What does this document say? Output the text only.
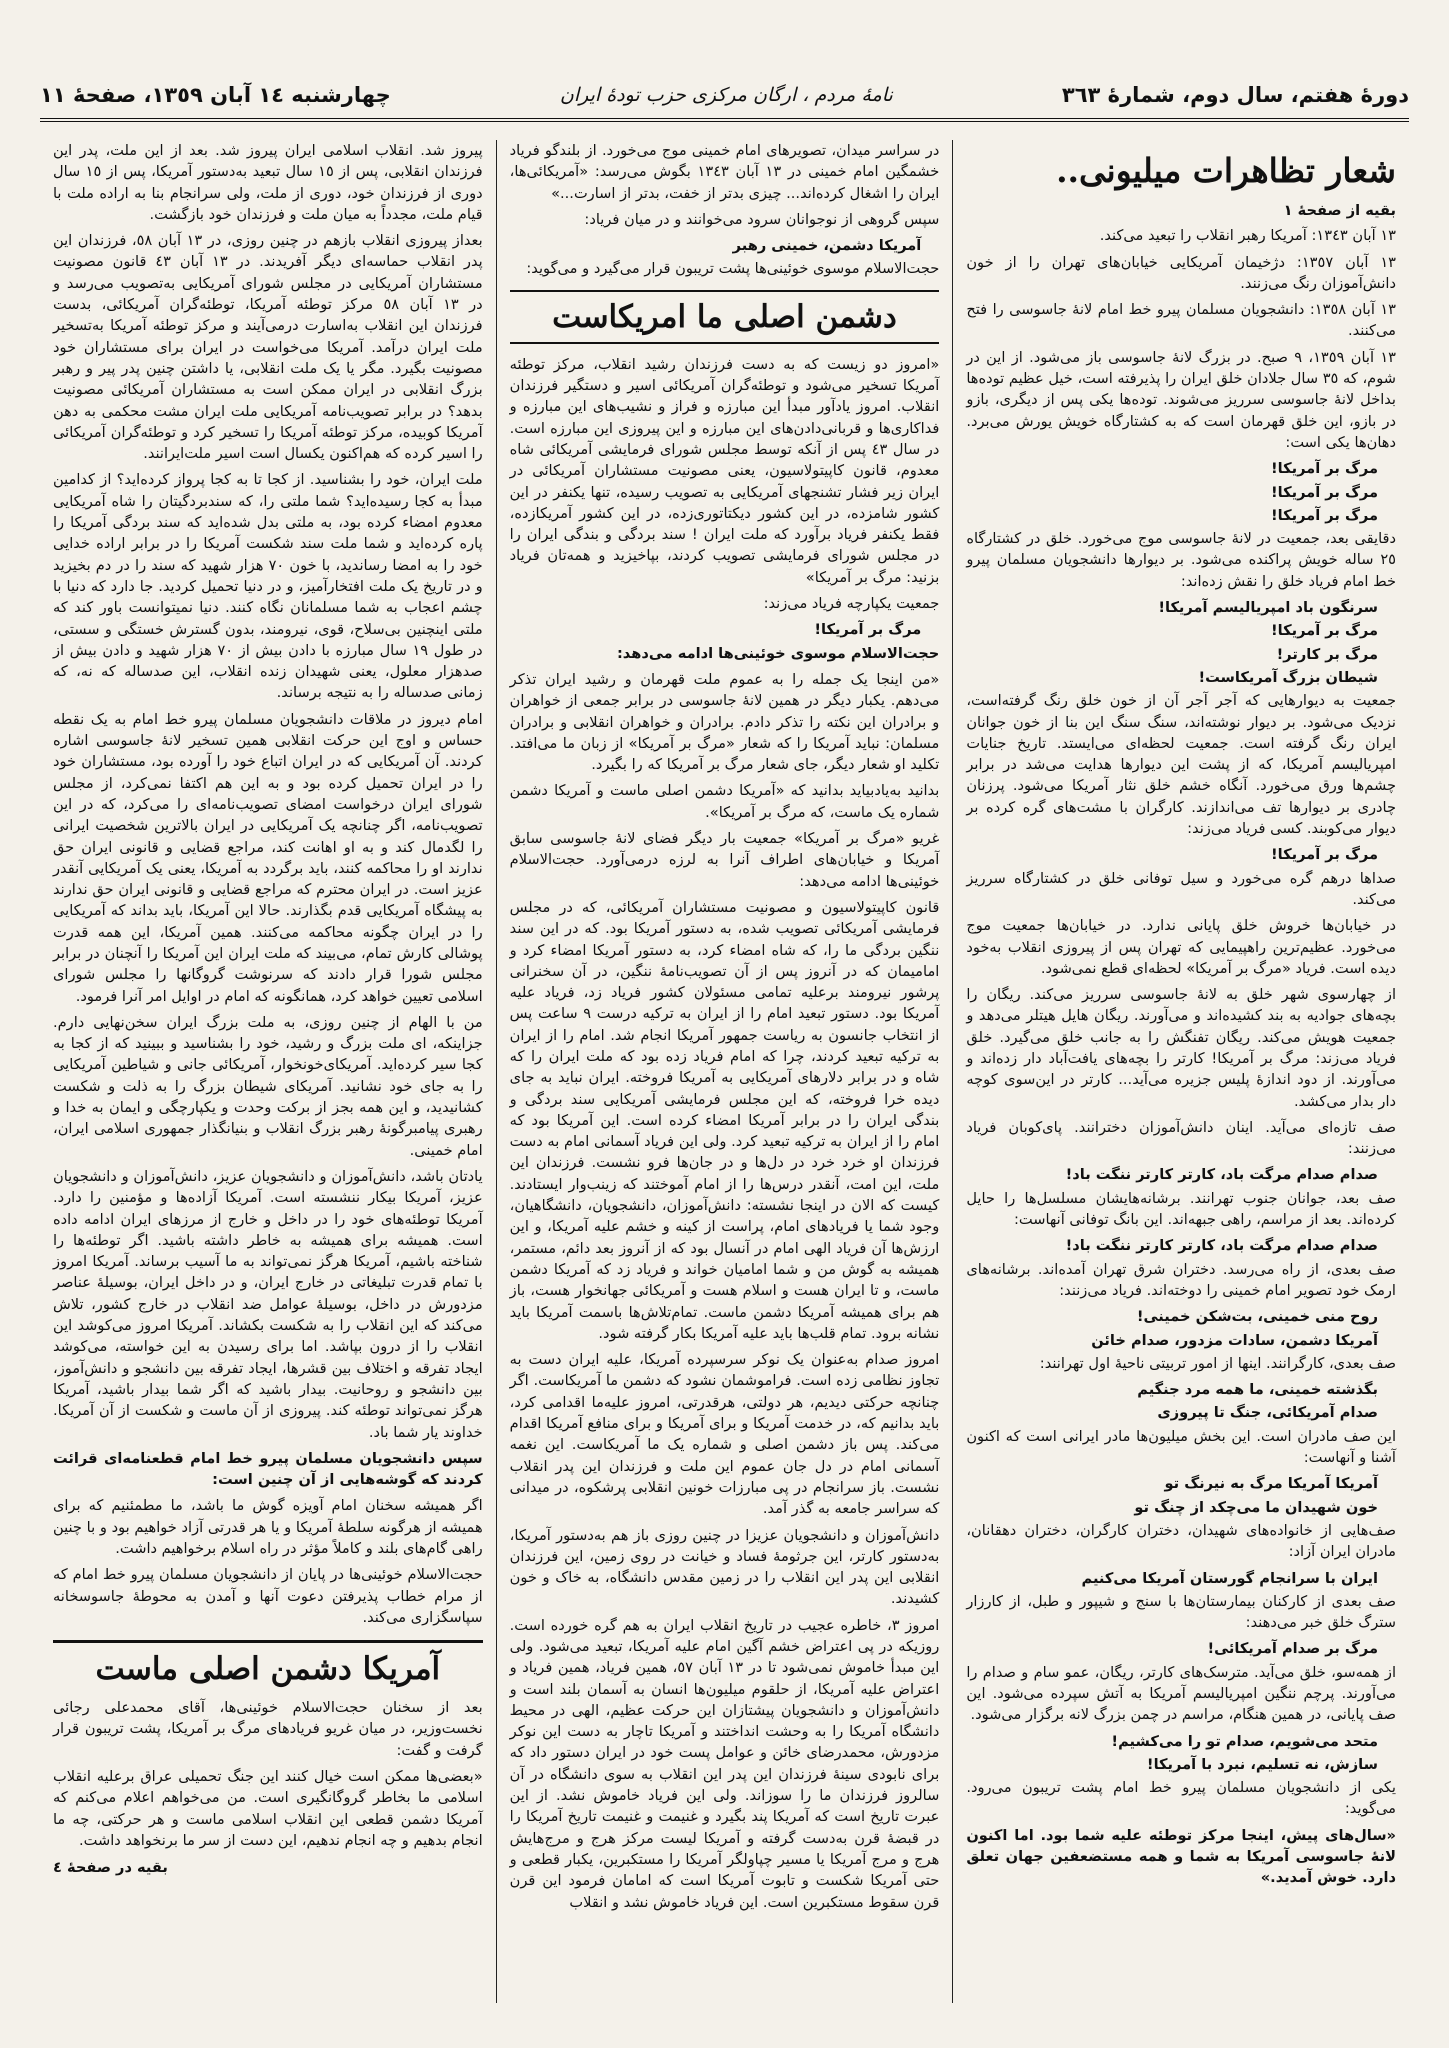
دورهٔ هفتم، سال دوم، شمارهٔ ٣٦٣
نامهٔ مردم ، ارگان مرکزی حزب تودهٔ ایران
چهارشنبه ١٤ آبان ١٣٥٩، صفحهٔ ١١
شعار تظاهرات میلیونی..
بقیه از صفحهٔ ١

١٣ آبان ١٣٤٣: آمریکا رهبر انقلاب را تبعید می‌کند.

١٣ آبان ١٣٥٧: دژخیمان آمریکایی خیابان‌های تهران را از خون دانش‌آموزان رنگ می‌زنند.

١٣ آبان ١٣٥٨: دانشجویان مسلمان پیرو خط امام لانهٔ جاسوسی را فتح می‌کنند.

١٣ آبان ١٣٥٩، ٩ صبح. در بزرگ لانهٔ جاسوسی باز می‌شود. از این در شوم، که ٣٥ سال جلادان خلق ایران را پذیرفته است، خیل عظیم توده‌ها بداخل لانهٔ جاسوسی سرریز می‌شوند. توده‌ها یکی پس از دیگری، بازو در بازو، این خلق قهرمان است که به کشتارگاه خویش یورش می‌برد. دهان‌ها یکی است:

مرگ بر آمریکا!
مرگ بر آمریکا!
مرگ بر آمریکا!

دقایقی بعد، جمعیت در لانهٔ جاسوسی موج می‌خورد. خلق در کشتارگاه ٢٥ ساله خویش پراکنده می‌شود. بر دیوارها دانشجویان مسلمان پیرو خط امام فریاد خلق را نقش زده‌اند:

سرنگون باد امپریالیسم آمریکا!
مرگ بر آمریکا!
مرگ بر کارتر!
شیطان بزرگ آمریکاست!

جمعیت به دیوارهایی که آجر آجر آن از خون خلق رنگ گرفته‌است، نزدیک می‌شود. بر دیوار نوشته‌اند، سنگ سنگ این بنا از خون جوانان ایران رنگ گرفته است. جمعیت لحظه‌ای می‌ایستد. تاریخ جنایات امپریالیسم آمریکا، که از پشت این دیوارها هدایت می‌شد در برابر چشم‌ها ورق می‌خورد. آنگاه خشم خلق نثار آمریکا می‌شود. پرزنان چادری بر دیوارها تف می‌اندازند. کارگران با مشت‌های گره کرده بر دیوار می‌کوبند. کسی فریاد می‌زند:

مرگ بر آمریکا!

صداها درهم گره می‌خورد و سیل توفانی خلق در کشتارگاه سرریز می‌کند.

در خیابان‌ها خروش خلق پایانی ندارد. در خیابان‌ها جمعیت موج می‌خورد. عظیم‌ترین راهپیمایی که تهران پس از پیروزی انقلاب به‌خود دیده است. فریاد «مرگ بر آمریکا» لحظه‌ای قطع نمی‌شود.

از چهارسوی شهر خلق به لانهٔ جاسوسی سرریز می‌کند. ریگان را بچه‌های جوادیه به بند کشیده‌اند و می‌آورند. ریگان هایل هیتلر می‌دهد و جمعیت هویش می‌کند. ریگان تفنگش را به جانب خلق می‌گیرد. خلق فریاد می‌زند: مرگ بر آمریکا! کارتر را بچه‌های یافت‌آباد دار زده‌اند و می‌آورند. از دود اندازهٔ پلیس جزیره می‌آید... کارتر در این‌سوی کوچه دار بدار می‌کشد.

صف تازه‌ای می‌آید. اینان دانش‌آموزان دخترانند. پای‌کوبان فریاد می‌زنند:

صدام صدام مرگت باد، کارتر کارتر ننگت باد!

صف بعد، جوانان جنوب تهرانند. برشانه‌هایشان مسلسل‌ها را حایل کرده‌اند. بعد از مراسم، راهی جبهه‌اند. این بانگ توفانی آنهاست:

صدام صدام مرگت باد، کارتر کارتر ننگت باد!

صف بعدی، از راه می‌رسد. دختران شرق تهران آمده‌اند. برشانه‌های ارمک خود تصویر امام خمینی را دوخته‌اند. فریاد می‌زنند:

روح منی خمینی، بت‌شکن خمینی!
آمریکا دشمن، سادات مزدور، صدام خائن

صف بعدی، کارگرانند. اینها از امور تربیتی ناحیهٔ اول تهرانند:

بگذشته خمینی، ما همه مرد جنگیم
صدام آمریکائی، جنگ تا پیروزی

این صف مادران است. این بخش میلیون‌ها مادر ایرانی است که اکنون آشنا و آنهاست:

آمریکا آمریکا مرگ به نیرنگ تو
خون شهیدان ما می‌چکد از چنگ تو

صف‌هایی از خانواده‌های شهیدان، دختران کارگران، دختران دهقانان، مادران ایران آزاد:

ایران با سرانجام گورستان آمریکا می‌کنیم

صف بعدی از کارکنان بیمارستان‌ها با سنج و شیپور و طبل، از کارزار سترگ خلق خبر می‌دهند:

مرگ بر صدام آمریکائی!

از همه‌سو، خلق می‌آید. مترسک‌های کارتر، ریگان، عمو سام و صدام را می‌آورند. پرچم ننگین امپریالیسم آمریکا به آتش سپرده می‌شود. این صف پایانی، در همین هنگام، مراسم در چمن بزرگ لانه برگزار می‌شود.

متحد می‌شویم، صدام تو را می‌کشیم!
سازش، نه تسلیم، نبرد با آمریکا!

یکی از دانشجویان مسلمان پیرو خط امام پشت تریبون می‌رود. می‌گوید:

«سال‌های پیش، اینجا مرکز توطئه علیه شما بود. اما اکنون لانهٔ جاسوسی آمریکا به شما و همه مستضعفین جهان تعلق دارد. خوش آمدید.»

در سراسر میدان، تصویرهای امام خمینی موج می‌خورد. از بلندگو فریاد خشمگین امام خمینی در ١٣ آبان ١٣٤٣ بگوش می‌رسد: «آمریکائی‌ها، ایران را اشغال کرده‌اند... چیزی بدتر از خفت، بدتر از اسارت...»

سپس گروهی از نوجوانان سرود می‌خوانند و در میان فریاد:

آمریکا دشمن، خمینی رهبر

حجت‌الاسلام موسوی خوئینی‌ها پشت تریبون قرار می‌گیرد و می‌گوید:

دشمن اصلی ما امریکاست

«امروز دو زیست که به دست فرزندان رشید انقلاب، مرکز توطئه آمریکا تسخیر می‌شود و توطئه‌گران آمریکائی اسیر و دستگیر فرزندان انقلاب. امروز یادآور مبدأ این مبارزه و فراز و نشیب‌های این مبارزه و فداکاری‌ها و قربانی‌دادن‌های این مبارزه و این پیروزی این مبارزه است. در سال ٤٣ پس از آنکه توسط مجلس شورای فرمایشی آمریکائی شاه معدوم، قانون کاپیتولاسیون، یعنی مصونیت مستشاران آمریکائی در ایران زیر فشار تشنجهای آمریکایی به تصویب رسیده، تنها یکنفر در این کشور شامزده، در این کشور دیکتاتوری‌زده، در این کشور آمریکازده، فقط یکنفر فریاد برآورد که ملت ایران ! سند بردگی و بندگی ایران را در مجلس شورای فرمایشی تصویب کردند، بپاخیزید و همه‌تان فریاد بزنید: مرگ بر آمریکا»

جمعیت یکپارچه فریاد می‌زند:

مرگ بر آمریکا!

حجت‌الاسلام موسوی خوئینی‌ها ادامه می‌دهد:

«من اینجا یک جمله را به عموم ملت قهرمان و رشید ایران تذکر می‌دهم. یکبار دیگر در همین لانهٔ جاسوسی در برابر جمعی از خواهران و برادران این نکته را تذکر دادم. برادران و خواهران انقلابی و برادران مسلمان: نباید آمریکا را که شعار «مرگ بر آمریکا» از زبان ما می‌افتد. تکلید او شعار دیگر، جای شعار مرگ بر آمریکا که را بگیرد.

بدانید به‌یادبیاید بدانید که «آمریکا دشمن اصلی ماست و آمریکا دشمن شماره یک ماست، که مرگ بر آمریکا».

غریو «مرگ بر آمریکا» جمعیت بار دیگر فضای لانهٔ جاسوسی سابق آمریکا و خیابان‌های اطراف آنرا به لرزه درمی‌آورد. حجت‌الاسلام خوئینی‌ها ادامه می‌دهد:

قانون کاپیتولاسیون و مصونیت مستشاران آمریکائی، که در مجلس فرمایشی آمریکائی تصویب شده، به دستور آمریکا بود. که در این سند ننگین بردگی ما را، که شاه امضاء کرد، به دستور آمریکا امضاء کرد و امامیمان که در آنروز پس از آن تصویب‌نامهٔ ننگین، در آن سخنرانی پرشور نیرومند برعلیه تمامی مسئولان کشور فریاد زد، فریاد علیه آمریکا بود. دستور تبعید امام را از ایران به ترکیه درست ٩ ساعت پس از انتخاب جانسون به ریاست جمهور آمریکا انجام شد. امام را از ایران به ترکیه تبعید کردند، چرا که امام فریاد زده بود که ملت ایران را که شاه و در برابر دلارهای آمریکایی به آمریکا فروخته. ایران نباید به جای دیده خرا فروخته، که این مجلس فرمایشی آمریکایی سند بردگی و بندگی ایران را در برابر آمریکا امضاء کرده است. این آمریکا بود که امام را از ایران به ترکیه تبعید کرد. ولی این فریاد آسمانی امام به دست فرزندان او خرد خرد در دل‌ها و در جان‌ها فرو نشست. فرزندان این ملت، این امت، آنقدر درس‌ها را از امام آموختند که زینب‌وار ایستادند. کیست که الان در اینجا نشسته: دانش‌آموزان، دانشجویان، دانشگاهیان، وجود شما یا فریادهای امام، پراست از کینه و خشم علیه آمریکا، و این ارزش‌ها آن فریاد الهی امام در آنسال بود که از آنروز بعد دائم، مستمر، همیشه به گوش من و شما امامیان خواند و فریاد زد که آمریکا دشمن ماست، و تا ایران هست و اسلام هست و آمریکائی جهانخوار هست، باز هم برای همیشه آمریکا دشمن ماست. تمام‌تلاش‌ها باسمت آمریکا باید نشانه برود. تمام قلب‌ها باید علیه آمریکا بکار گرفته شود.

امروز صدام به‌عنوان یک نوکر سرسپرده آمریکا، علیه ایران دست به تجاوز نظامی زده است. فراموشمان نشود که دشمن ما آمریکاست. اگر چنانچه حرکتی دیدیم، هر دولتی، هرقدرتی، امروز علیه‌ما اقدامی کرد، باید بدانیم که، در خدمت آمریکا و برای آمریکا و برای منافع آمریکا اقدام می‌کند. پس باز دشمن اصلی و شماره یک ما آمریکاست. این نغمه آسمانی امام در دل جان عموم این ملت و فرزندان این پدر انقلاب نشست. باز سرانجام در پی مبارزات خونین انقلابی پرشکوه، در میدانی که سراسر جامعه به گذر آمد.

دانش‌آموزان و دانشجویان عزیزا در چنین روزی باز هم به‌دستور آمریکا، به‌دستور کارتر، این جرثومهٔ فساد و خیانت در روی زمین، این فرزندان انقلابی این پدر این انقلاب را در زمین مقدس دانشگاه، به خاک و خون کشیدند.

امروز ٣، خاطره عجیب در تاریخ انقلاب ایران به هم گره خورده است. روزیکه در پی اعتراض خشم آگین امام علیه آمریکا، تبعید می‌شود. ولی این مبدأ خاموش نمی‌شود تا در ١٣ آبان ٥٧، همین فریاد، همین فریاد و اعتراض علیه آمریکا، از حلقوم میلیون‌ها انسان به آسمان بلند است و دانش‌آموزان و دانشجویان پیشتازان این حرکت عظیم، الهی در محیط دانشگاه آمریکا را به وحشت انداختند و آمریکا تاچار به دست این نوکر مزدورش، محمدرضای خائن و عوامل پست خود در ایران دستور داد که برای نابودی سینهٔ فرزندان این پدر این انقلاب به سوی دانشگاه در آن سالروز فرزندان ما را سوزاند. ولی این فریاد خاموش نشد. از این عبرت تاریخ است که آمریکا پند بگیرد و غنیمت و غنیمت تاریخ آمریکا را در قبضهٔ قرن به‌دست گرفته و آمریکا لیست مرکز هرج و مرج‌هایش هرج و مرج آمریکا یا مسیر چپاولگر آمریکا را مستکبرین، یکبار قطعی و حتی آمریکا شکست و تابوت آمریکا است که امامان فرمود این قرن قرن سقوط مستکبرین است. این فریاد خاموش نشد و انقلاب

پیروز شد. انقلاب اسلامی ایران پیروز شد. بعد از این ملت، پدر این فرزندان انقلابی، پس از ١٥ سال تبعید به‌دستور آمریکا، پس از ١٥ سال دوری از فرزندان خود، دوری از ملت، ولی سرانجام بنا به اراده ملت با قیام ملت، مجدداً به میان ملت و فرزندان خود بازگشت.

بعداز پیروزی انقلاب بازهم در چنین روزی، در ١٣ آبان ٥٨، فرزندان این پدر انقلاب حماسه‌ای دیگر آفریدند. در ١٣ آبان ٤٣ قانون مصونیت مستشاران آمریکایی در مجلس شورای آمریکایی به‌تصویب می‌رسد و در ١٣ آبان ٥٨ مرکز توطئه آمریکا، توطئه‌گران آمریکائی، بدست فرزندان این انقلاب به‌اسارت درمی‌آیند و مرکز توطئه آمریکا به‌تسخیر ملت ایران درآمد. آمریکا می‌خواست در ایران برای مستشاران خود مصونیت بگیرد. مگر یا یک ملت انقلابی، یا داشتن چنین پدر پیر و رهبر بزرگ انقلابی در ایران ممکن است به مستشاران آمریکائی مصونیت بدهد؟ در برابر تصویب‌نامه آمریکایی ملت ایران مشت محکمی به دهن آمریکا کوبیده، مرکز توطئه آمریکا را تسخیر کرد و توطئه‌گران آمریکائی را اسیر کرده که هم‌اکنون یکسال است اسیر ملت‌ایرانند.

ملت ایران، خود را بشناسید. از کجا تا به کجا پرواز کرده‌اید؟ از کدامین مبدأ به کجا رسیده‌اید؟ شما ملتی را، که سندبردگیتان را شاه آمریکایی معدوم امضاء کرده بود، به ملتی بدل شده‌اید که سند بردگی آمریکا را پاره کرده‌اید و شما ملت سند شکست آمریکا را در برابر اراده خدایی خود را به امضا رساندید، با خون ٧٠ هزار شهید که سند را در دم بخیزید و در تاریخ یک ملت افتخارآمیز، و در دنیا تحمیل کردید. جا دارد که دنیا با چشم اعجاب به شما مسلمانان نگاه کنند. دنیا نمیتوانست باور کند که ملتی اینچنین بی‌سلاح، قوی، نیرومند، بدون گسترش خستگی و سستی، در طول ١٩ سال مبارزه با دادن بیش از ٧٠ هزار شهید و دادن بیش از صدهزار معلول، یعنی شهیدان زنده انقلاب، این صدساله که نه، که زمانی صدساله را به نتیجه برساند.

امام دیروز در ملاقات دانشجویان مسلمان پیرو خط امام به یک نقطه حساس و اوج این حرکت انقلابی همین تسخیر لانهٔ جاسوسی اشاره کردند. آن آمریکایی که در ایران اتباع خود را آورده بود، مستشاران خود را در ایران تحمیل کرده بود و به این هم اکتفا نمی‌کرد، از مجلس شورای ایران درخواست امضای تصویب‌نامه‌ای را می‌کرد، که در این تصویب‌نامه، اگر چنانچه یک آمریکایی در ایران بالاترین شخصیت ایرانی را لگدمال کند و به او اهانت کند، مراجع قضایی و قانونی ایران حق ندارند او را محاکمه کنند، باید برگردد به آمریکا، یعنی یک آمریکایی آنقدر عزیز است. در ایران محترم که مراجع قضایی و قانونی ایران حق ندارند به پیشگاه آمریکایی قدم بگذارند. حالا این آمریکا، باید بداند که آمریکایی را در ایران چگونه محاکمه می‌کنند. همین آمریکا، این همه قدرت پوشالی کارش تمام، می‌بیند که ملت ایران این آمریکا را آنچنان در برابر مجلس شورا قرار دادند که سرنوشت گروگانها را مجلس شورای اسلامی تعیین خواهد کرد، همانگونه که امام در اوایل امر آنرا فرمود.

من با الهام از چنین روزی، به ملت بزرگ ایران سخن‌نهایی دارم. جزاینکه، ای ملت بزرگ و رشید، خود را بشناسید و ببینید که از کجا به کجا سیر کرده‌اید. آمریکای‌خونخوار، آمریکائی جانی و شیاطین آمریکایی را به جای خود نشانید. آمریکای شیطان بزرگ را به ذلت و شکست کشانیدید، و این همه بجز از برکت وحدت و یکپارچگی و ایمان به خدا و رهبری پیامبرگونهٔ رهبر بزرگ انقلاب و بنیانگذار جمهوری اسلامی ایران، امام خمینی.

یادتان باشد، دانش‌آموزان و دانشجویان عزیز، دانش‌آموزان و دانشجویان عزیز، آمریکا بیکار ننشسته است. آمریکا آزاده‌ها و مؤمنین را دارد. آمریکا توطئه‌های خود را در داخل و خارج از مرزهای ایران ادامه داده است. همیشه برای همیشه به خاطر داشته باشید. اگر توطئه‌ها را شناخته باشیم، آمریکا هرگز نمی‌تواند به ما آسیب برساند. آمریکا امروز با تمام قدرت تبلیغاتی در خارج ایران، و در داخل ایران، بوسیلهٔ عناصر مزدورش در داخل، بوسیلهٔ عوامل ضد انقلاب در خارج کشور، تلاش می‌کند که این انقلاب را به شکست بکشاند. آمریکا امروز می‌کوشد این انقلاب را از درون بپاشد. اما برای رسیدن به این خواسته، می‌کوشد ایجاد تفرقه و اختلاف بین قشرها، ایجاد تفرقه بین دانشجو و دانش‌آموز، بین دانشجو و روحانیت. بیدار باشید که اگر شما بیدار باشید، آمریکا هرگز نمی‌تواند توطئه کند. پیروزی از آن ماست و شکست از آن آمریکا. خداوند یار شما باد.

سپس دانشجویان مسلمان پیرو خط امام قطعنامه‌ای قرائت کردند که گوشه‌هایی از آن چنین است:

اگر همیشه سخنان امام آویزه گوش ما باشد، ما مطمئنیم که برای همیشه از هرگونه سلطهٔ آمریکا و یا هر قدرتی آزاد خواهیم بود و با چنین راهی گام‌های بلند و کاملاً مؤثر در راه اسلام برخواهیم داشت.

حجت‌الاسلام خوئینی‌ها در پایان از دانشجویان مسلمان پیرو خط امام که از مرام خطاب پذیرفتن دعوت آنها و آمدن به محوطهٔ جاسوسخانه سپاسگزاری می‌کند.

آمریکا دشمن اصلی ماست

بعد از سخنان حجت‌الاسلام خوئینی‌ها، آقای محمدعلی رجائی نخست‌وزیر، در میان غریو فریادهای مرگ بر آمریکا، پشت تریبون قرار گرفت و گفت:

«بعضی‌ها ممکن است خیال کنند این جنگ تحمیلی عراق برعلیه انقلاب اسلامی ما بخاطر گروگانگیری است. من می‌خواهم اعلام می‌کنم که آمریکا دشمن قطعی این انقلاب اسلامی ماست و هر حرکتی، چه ما انجام بدهیم و چه انجام ندهیم، این دست از سر ما برنخواهد داشت.

بقیه در صفحهٔ ٤
